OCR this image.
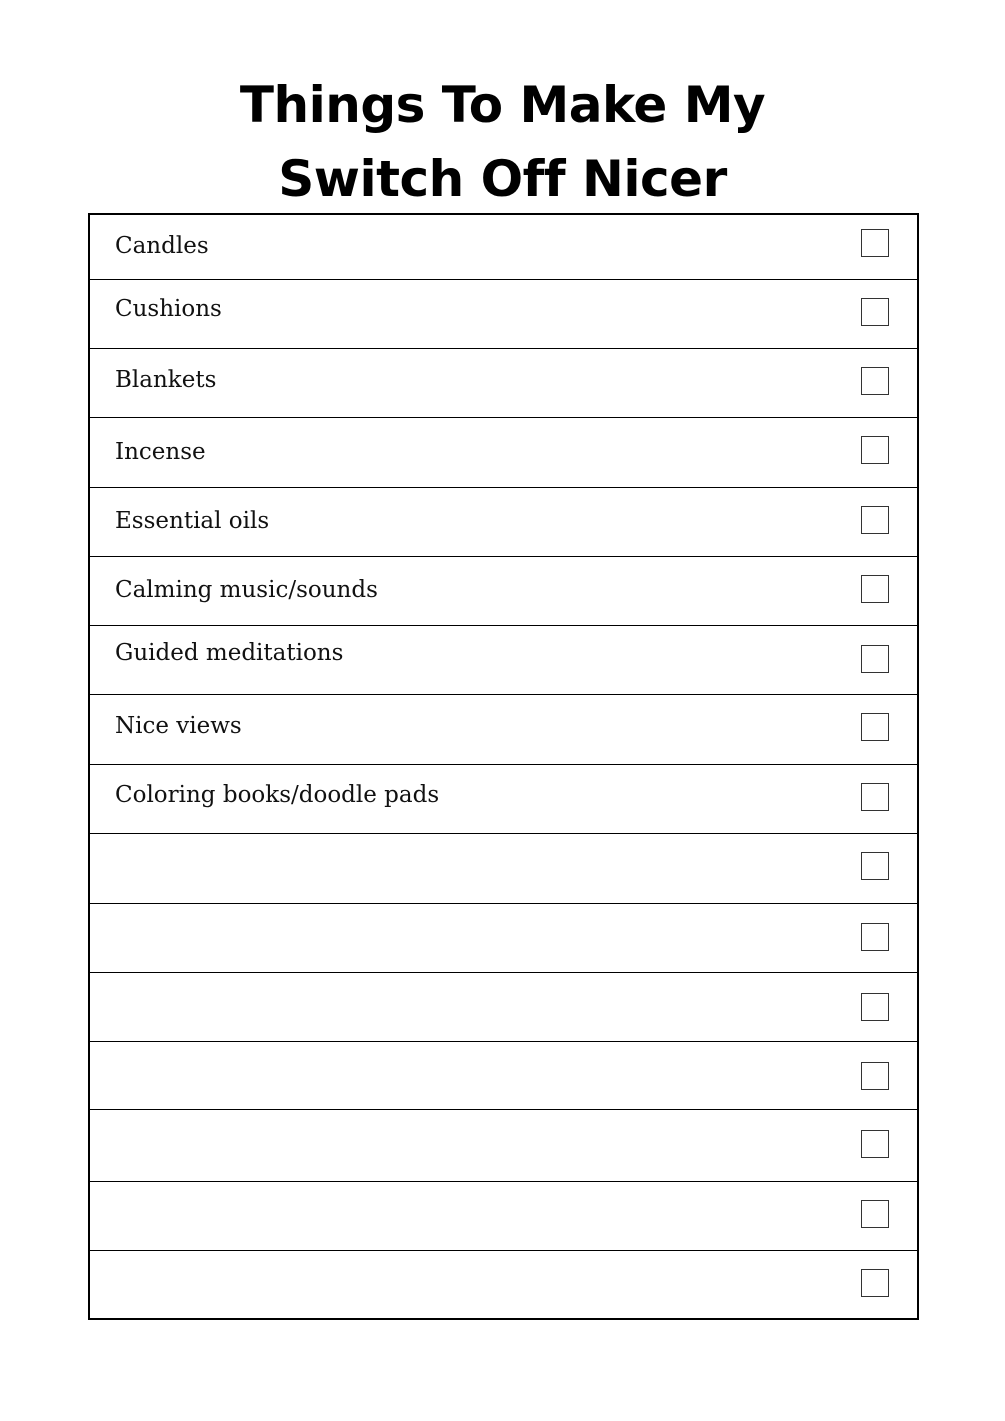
Things To Make My
Switch Off Nicer
Candles
Cushions
Blankets
Incense
Essential oils
Calming music/sounds
Guided meditations
Nice views
Coloring books/doodle pads
